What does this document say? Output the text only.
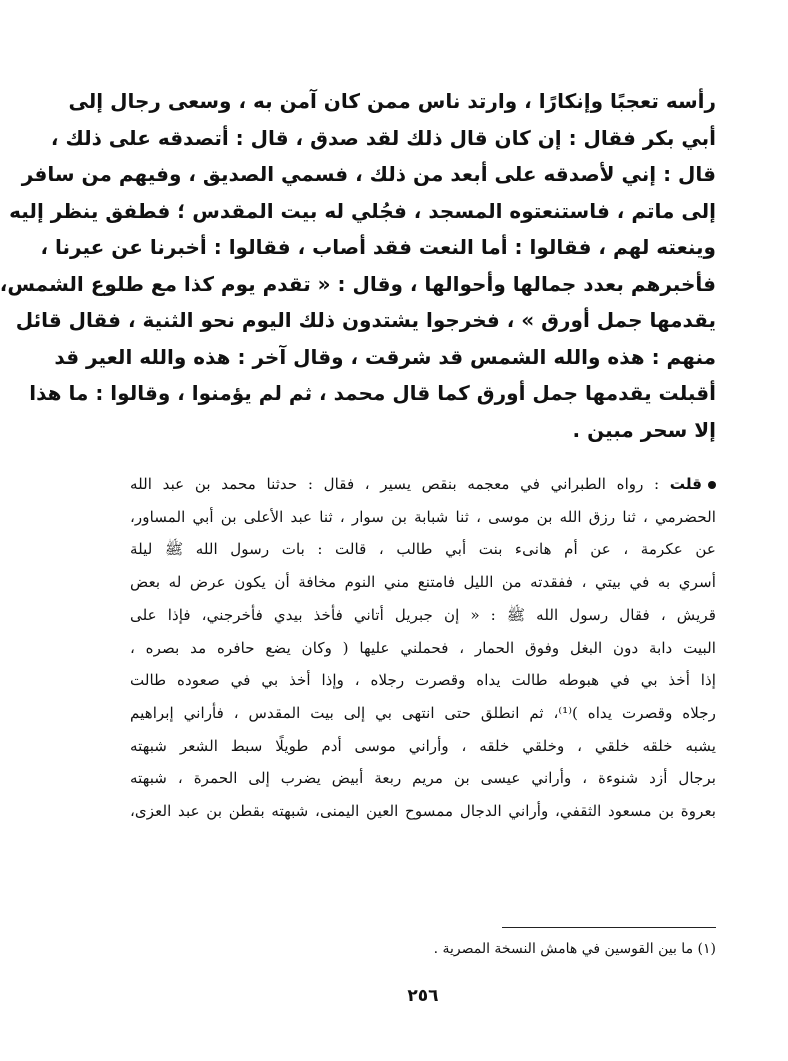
رأسه تعجبًا وإنكارًا ، وارتد ناس ممن كان آمن به ، وسعى رجال إلى
أبي بكر فقال : إن كان قال ذلك لقد صدق ، قال : أتصدقه على ذلك ،
قال : إني لأصدقه على أبعد من ذلك ، فسمي الصديق ، وفيهم من سافر
إلى ماتم ، فاستنعتوه المسجد ، فجُلي له بيت المقدس ؛ فطفق ينظر إليه
وينعته لهم ، فقالوا : أما النعت فقد أصاب ، فقالوا : أخبرنا عن عيرنا ،
فأخبرهم بعدد جمالها وأحوالها ، وقال : « تقدم يوم كذا مع طلوع الشمس،
يقدمها جمل أورق » ، فخرجوا يشتدون ذلك اليوم نحو الثنية ، فقال قائل
منهم : هذه والله الشمس قد شرقت ، وقال آخر : هذه والله العير قد
أقبلت يقدمها جمل أورق كما قال محمد ، ثم لم يؤمنوا ، وقالوا : ما هذا
إلا سحر مبين .
قلت : رواه الطبراني في معجمه بنقص يسير ، فقال : حدثنا محمد بن عبد الله
الحضرمي ، ثنا رزق الله بن موسى ، ثنا شبابة بن سوار ، ثنا عبد الأعلى بن أبي المساور،
عن عكرمة ، عن أم هانىء بنت أبي طالب ، قالت : بات رسول الله ﷺ ليلة
أسري به في بيتي ، ففقدته من الليل فامتنع مني النوم مخافة أن يكون عرض له بعض
قريش ، فقال رسول الله ﷺ : « إن جبريل أتاني فأخذ بيدي فأخرجني، فإذا على
البيت دابة دون البغل وفوق الحمار ، فحملني عليها ( وكان يضع حافره مد بصره ،
إذا أخذ بي في هبوطه طالت يداه وقصرت رجلاه ، وإذا أخذ بي في صعوده طالت
رجلاه وقصرت يداه )⁽¹⁾، ثم انطلق حتى انتهى بي إلى بيت المقدس ، فأراني إبراهيم
يشبه خلقه خلقي ، وخلقي خلقه ، وأراني موسى أدم طويلًا سبط الشعر شبهته
برجال أزد شنوءة ، وأراني عيسى بن مريم ربعة أبيض يضرب إلى الحمرة ، شبهته
بعروة بن مسعود الثقفي، وأراني الدجال ممسوح العين اليمنى، شبهته بقطن بن عبد العزى،
(١) ما بين القوسين في هامش النسخة المصرية .
٢٥٦
